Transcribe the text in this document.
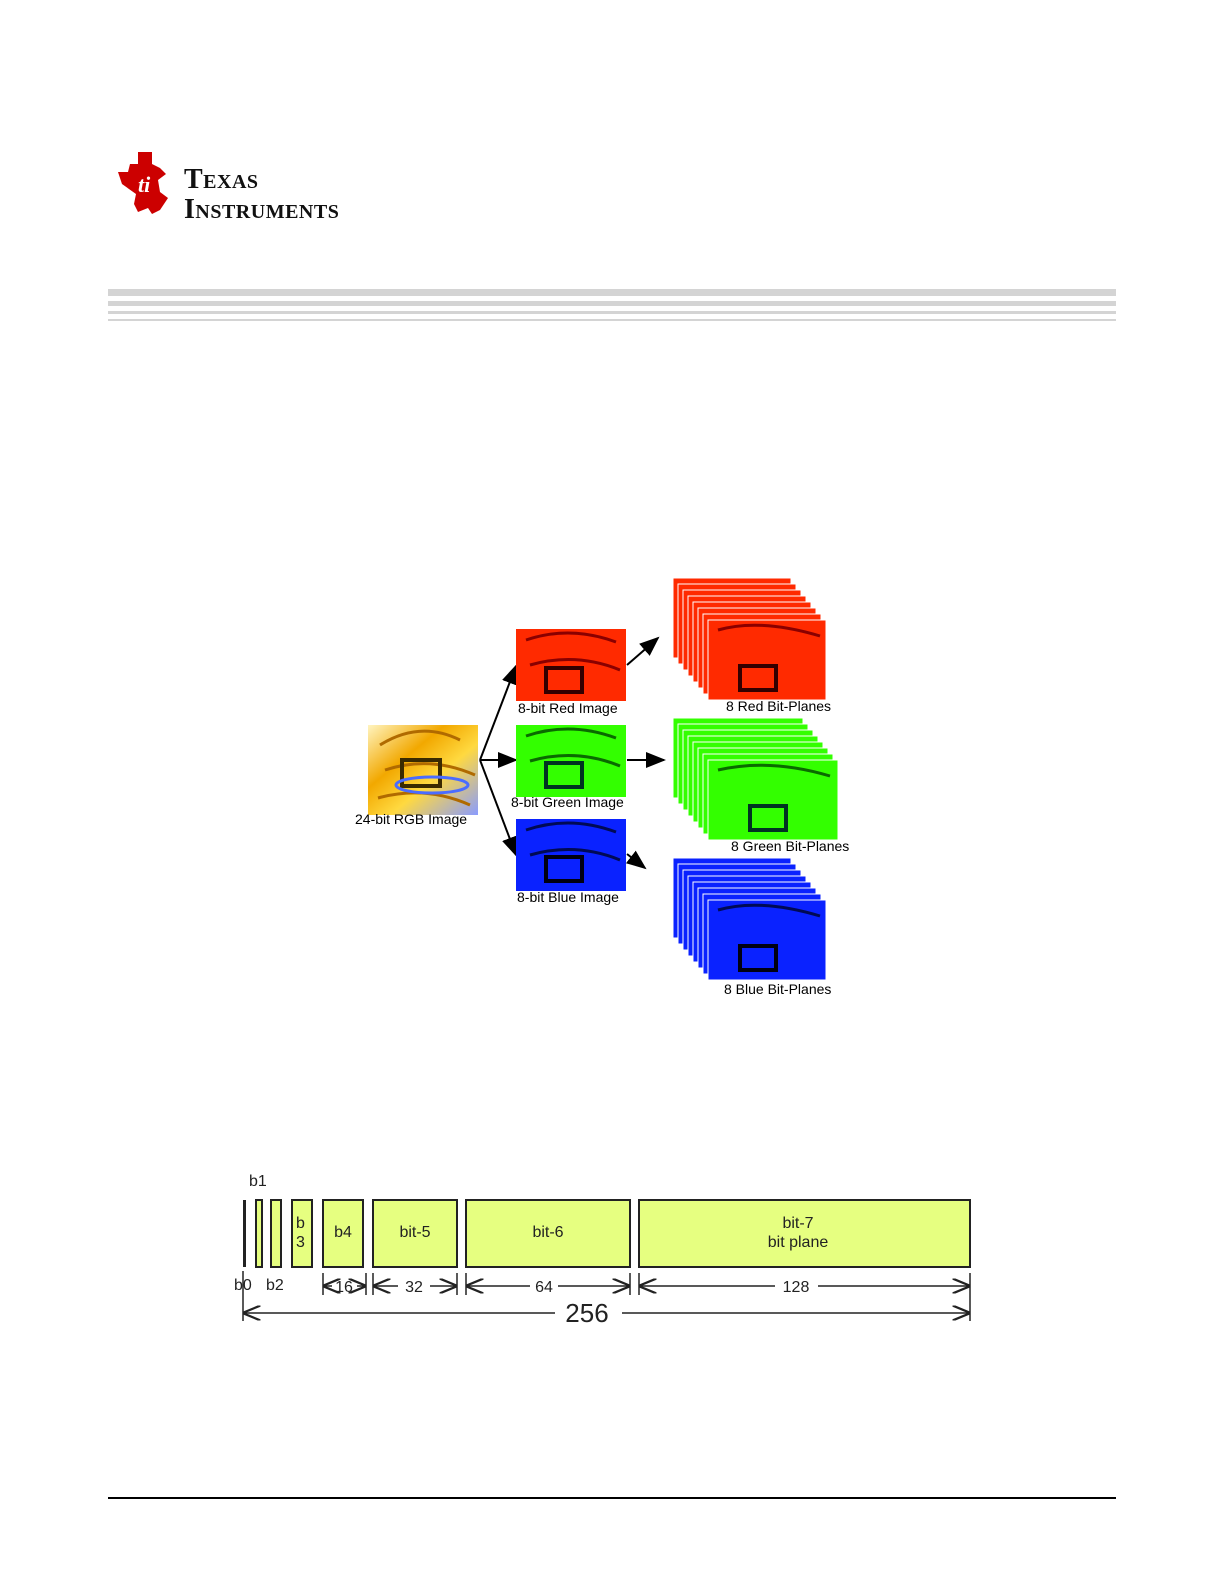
ti Texas
Instruments
24-bit RGB Image
8-bit Red Image
8-bit Green Image
8-bit Blue Image
8 Red Bit-Planes
8 Green Bit-Planes
8 Blue Bit-Planes
b1
b
3
b4	bit-5	bit-6
bit-7
bit plane
b0 b2	16	32	64	128
256
